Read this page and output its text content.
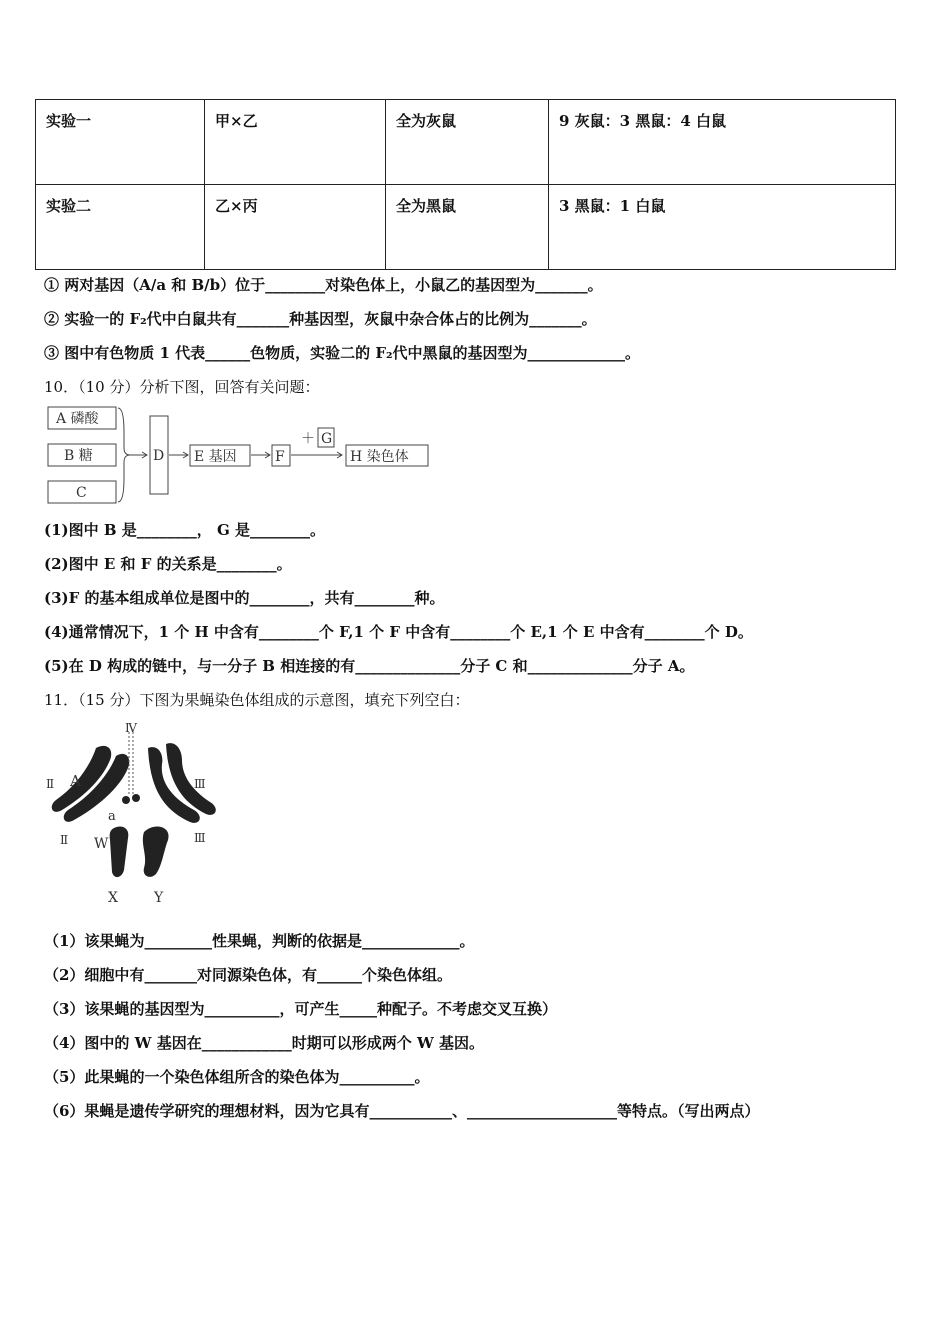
实验一	甲×乙	全为灰鼠	9 灰鼠：3 黑鼠：4 白鼠
实验二	乙×丙	全为黑鼠	3 黑鼠：1 白鼠
① 两对基因（A/a 和 B/b）位于________对染色体上，小鼠乙的基因型为_______。
② 实验一的 F₂代中白鼠共有_______种基因型，灰鼠中杂合体占的比例为_______。
③ 图中有色物质 1 代表______色物质，实验二的 F₂代中黑鼠的基因型为_____________。
10．（10 分）分析下图，回答有关问题：
A 磷酸
B 糖
C
D E 基因	F
＋ G
H 染色体
(1)图中 B 是________， G 是________。
(2)图中 E 和 F 的关系是________。
(3)F 的基本组成单位是图中的________，共有________种。
(4)通常情况下，1 个 H 中含有________个 F,1 个 F 中含有________个 E,1 个 E 中含有________个 D。
(5)在 D 构成的链中，与一分子 B 相连接的有______________分子 C 和______________分子 A。
11．（15 分）下图为果蝇染色体组成的示意图，填充下列空白：
Ⅳ
Ⅱ
Ⅱ
Ⅲ
Ⅲ
A
a
W
X	Y
（1）该果蝇为_________性果蝇，判断的依据是_____________。
（2）细胞中有_______对同源染色体，有______个染色体组。
（3）该果蝇的基因型为__________，可产生_____种配子。不考虑交叉互换）
（4）图中的 W 基因在____________时期可以形成两个 W 基因。
（5）此果蝇的一个染色体组所含的染色体为__________。
（6）果蝇是遗传学研究的理想材料，因为它具有___________、____________________等特点。（写出两点）
